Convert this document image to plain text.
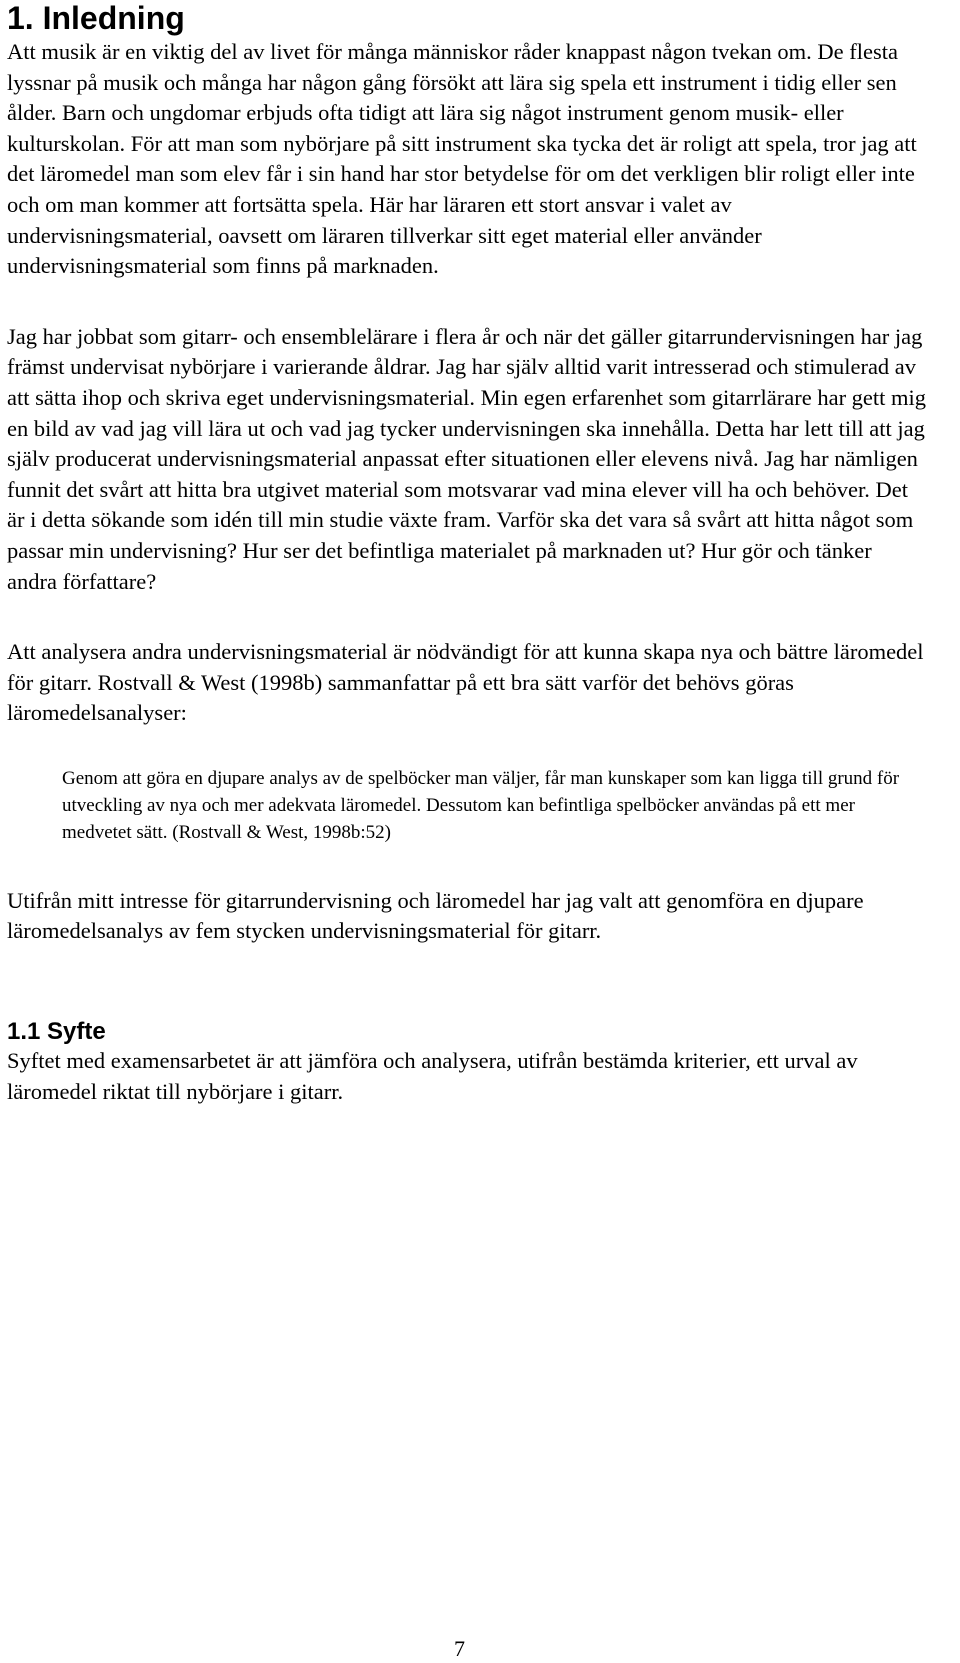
1. Inledning

Att musik är en viktig del av livet för många människor råder knappast någon tvekan om. De flesta lyssnar på musik och många har någon gång försökt att lära sig spela ett instrument i tidig eller sen ålder. Barn och ungdomar erbjuds ofta tidigt att lära sig något instrument genom musik- eller kulturskolan. För att man som nybörjare på sitt instrument ska tycka det är roligt att spela, tror jag att det läromedel man som elev får i sin hand har stor betydelse för om det verkligen blir roligt eller inte och om man kommer att fortsätta spela. Här har läraren ett stort ansvar i valet av undervisningsmaterial, oavsett om läraren tillverkar sitt eget material eller använder undervisningsmaterial som finns på marknaden.

Jag har jobbat som gitarr- och ensemblelärare i flera år och när det gäller gitarrundervisningen har jag främst undervisat nybörjare i varierande åldrar. Jag har själv alltid varit intresserad och stimulerad av att sätta ihop och skriva eget undervisningsmaterial. Min egen erfarenhet som gitarrlärare har gett mig en bild av vad jag vill lära ut och vad jag tycker undervisningen ska innehålla. Detta har lett till att jag själv producerat undervisningsmaterial anpassat efter situationen eller elevens nivå. Jag har nämligen funnit det svårt att hitta bra utgivet material som motsvarar vad mina elever vill ha och behöver. Det är i detta sökande som idén till min studie växte fram. Varför ska det vara så svårt att hitta något som passar min undervisning? Hur ser det befintliga materialet på marknaden ut? Hur gör och tänker andra författare?

Att analysera andra undervisningsmaterial är nödvändigt för att kunna skapa nya och bättre läromedel för gitarr. Rostvall & West (1998b) sammanfattar på ett bra sätt varför det behövs göras läromedelsanalyser:

Genom att göra en djupare analys av de spelböcker man väljer, får man kunskaper som kan ligga till grund för utveckling av nya och mer adekvata läromedel. Dessutom kan befintliga spelböcker användas på ett mer medvetet sätt. (Rostvall & West, 1998b:52)

Utifrån mitt intresse för gitarrundervisning och läromedel har jag valt att genomföra en djupare läromedelsanalys av fem stycken undervisningsmaterial för gitarr.

1.1 Syfte

Syftet med examensarbetet är att jämföra och analysera, utifrån bestämda kriterier, ett urval av läromedel riktat till nybörjare i gitarr.

7
